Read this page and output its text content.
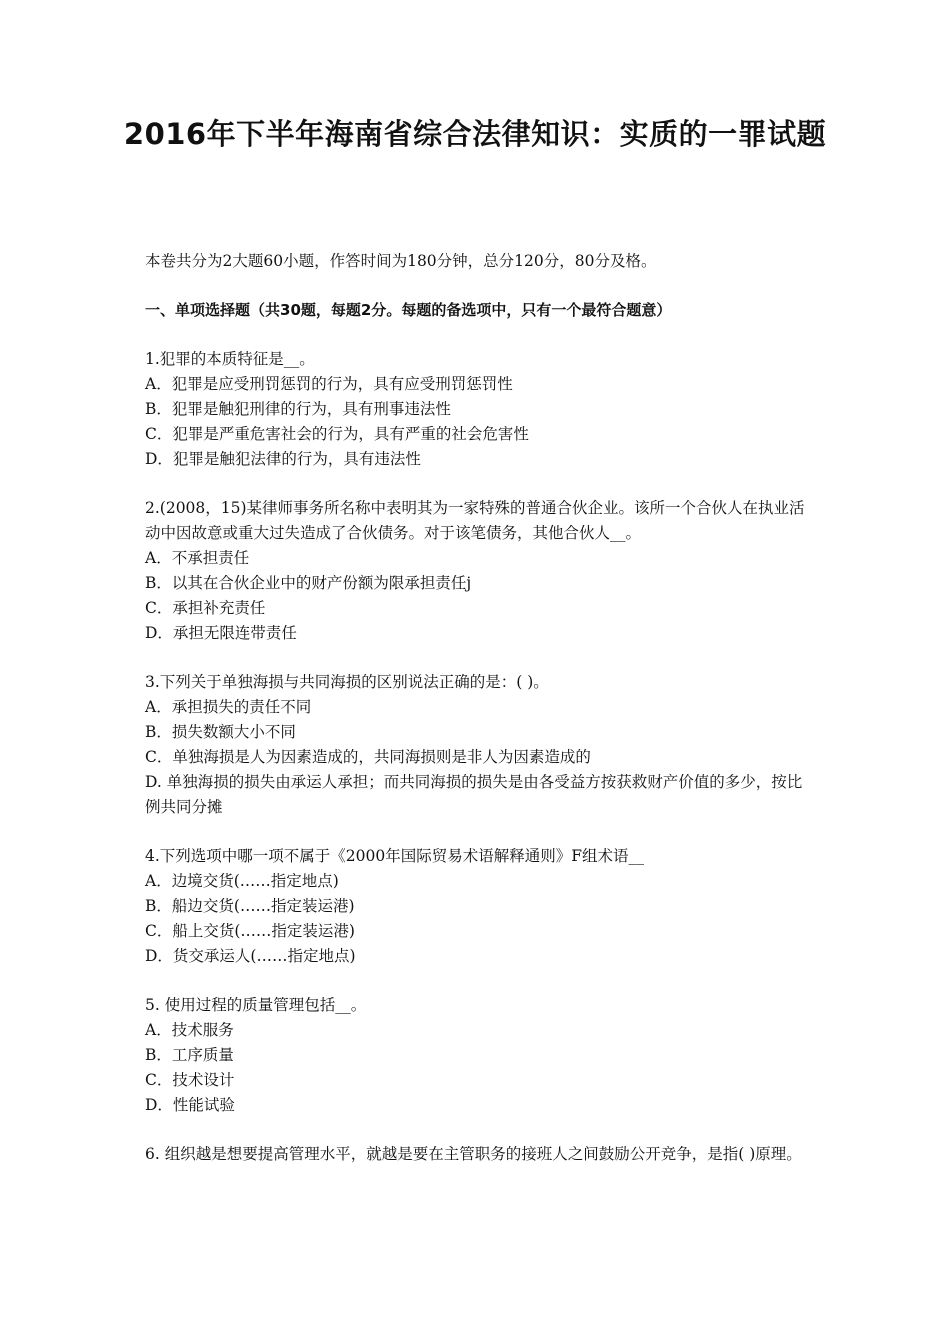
2016年下半年海南省综合法律知识：实质的一罪试题

本卷共分为2大题60小题，作答时间为180分钟，总分120分，80分及格。

一、单项选择题（共30题，每题2分。每题的备选项中，只有一个最符合题意）

1.犯罪的本质特征是__。

A．犯罪是应受刑罚惩罚的行为，具有应受刑罚惩罚性

B．犯罪是触犯刑律的行为，具有刑事违法性

C．犯罪是严重危害社会的行为，具有严重的社会危害性

D．犯罪是触犯法律的行为，具有违法性

2.(2008，15)某律师事务所名称中表明其为一家特殊的普通合伙企业。该所一个合伙人在执业活动中因故意或重大过失造成了合伙债务。对于该笔债务，其他合伙人__。

A．不承担责任

B．以其在合伙企业中的财产份额为限承担责任j

C．承担补充责任

D．承担无限连带责任

3.下列关于单独海损与共同海损的区别说法正确的是：( )。

A．承担损失的责任不同

B．损失数额大小不同

C．单独海损是人为因素造成的，共同海损则是非人为因素造成的

D. 单独海损的损失由承运人承担；而共同海损的损失是由各受益方按获救财产价值的多少，按比例共同分摊

4.下列选项中哪一项不属于《2000年国际贸易术语解释通则》F组术语__

A．边境交货(……指定地点)

B．船边交货(……指定装运港)

C．船上交货(……指定装运港)

D．货交承运人(……指定地点)

5. 使用过程的质量管理包括__。

A．技术服务

B．工序质量

C．技术设计

D．性能试验

6. 组织越是想要提高管理水平，就越是要在主管职务的接班人之间鼓励公开竞争，是指( )原理。
